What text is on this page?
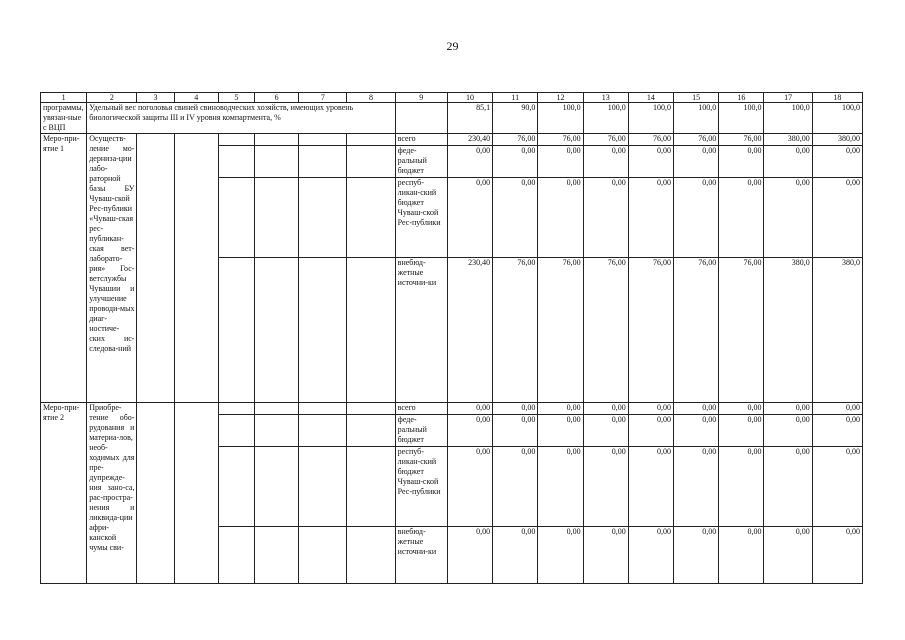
29
1	2	3	4	5	6	7	8	9	10	11	12	13	14	15	16	17	18
программы, увязан-ные с ВЦП	Удельный вес поголовья свиней свиноводческих хозяйств, имеющих уровень биологической защиты III и IV уровня компартмента, %								85,1	90,0	100,0	100,0	100,0	100,0	100,0	100,0	100,0
Меро-при-ятие 1	Осуществ-ление мо-дерниза-ции лабо-раторной базы БУ Чуваш-ской Рес-публики «Чуваш-ская рес-публикан-ская вет-лаборато-рия» Гос-ветслужбы Чувашии и улучшение проводи-мых диаг-ностиче-ских ис-следова-ний							всего	230,40	76,00	76,00	76,00	76,00	76,00	76,00	380,00	380,00
								феде-ральный бюджет	0,00	0,00	0,00	0,00	0,00	0,00	0,00	0,00	0,00
								респуб-ликан-ский бюджет Чуваш-ской Рес-публики	0,00	0,00	0,00	0,00	0,00	0,00	0,00	0,00	0,00
								внебюд-жетные источни-ки	230,40	76,00	76,00	76,00	76,00	76,00	76,00	380,0	380,0
Меро-при-ятие 2	Приобре-тение обо-рудования и материа-лов, необ-ходимых для пре-дупрежде-ния зано-са, рас-простра-нения и ликвида-ции афри-канской чумы сви-							всего	0,00	0,00	0,00	0,00	0,00	0,00	0,00	0,00	0,00
								феде-ральный бюджет	0,00	0,00	0,00	0,00	0,00	0,00	0,00	0,00	0,00
								респуб-ликан-ский бюджет Чуваш-ской Рес-публики	0,00	0,00	0,00	0,00	0,00	0,00	0,00	0,00	0,00
								внебюд-жетные источни-ки	0,00	0,00	0,00	0,00	0,00	0,00	0,00	0,00	0,00
